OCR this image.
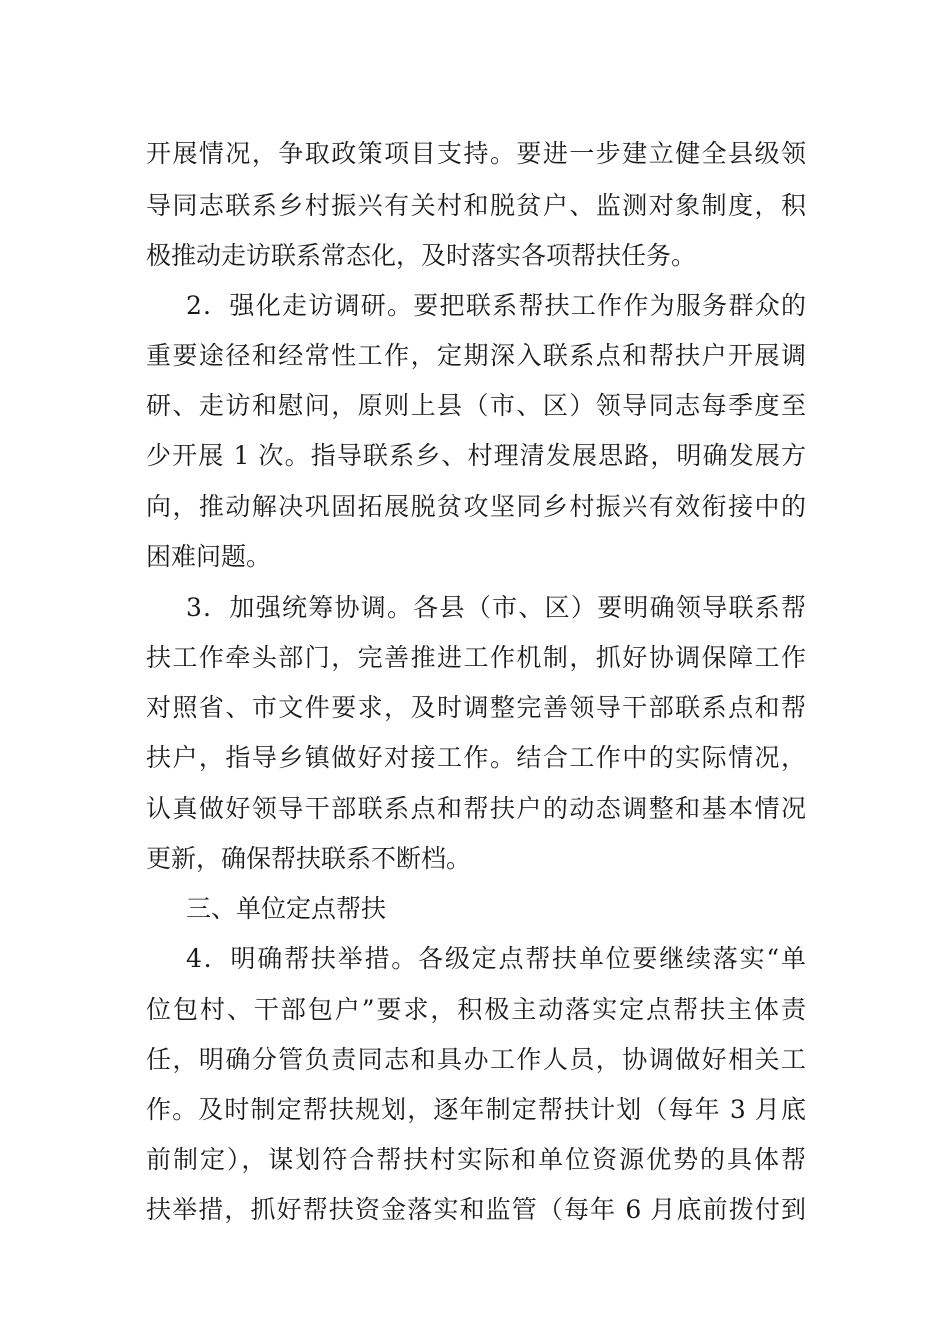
开展情况，争取政策项目支持。要进一步建立健全县级领
导同志联系乡村振兴有关村和脱贫户、监测对象制度，积
极推动走访联系常态化，及时落实各项帮扶任务。
2．强化走访调研。要把联系帮扶工作作为服务群众的
重要途径和经常性工作，定期深入联系点和帮扶户开展调
研、走访和慰问，原则上县（市、区）领导同志每季度至
少开展 1 次。指导联系乡、村理清发展思路，明确发展方
向，推动解决巩固拓展脱贫攻坚同乡村振兴有效衔接中的
困难问题。
3．加强统筹协调。各县（市、区）要明确领导联系帮
扶工作牵头部门，完善推进工作机制，抓好协调保障工作
对照省、市文件要求，及时调整完善领导干部联系点和帮
扶户，指导乡镇做好对接工作。结合工作中的实际情况，
认真做好领导干部联系点和帮扶户的动态调整和基本情况
更新，确保帮扶联系不断档。
三、单位定点帮扶
4．明确帮扶举措。各级定点帮扶单位要继续落实“单
位包村、干部包户”要求，积极主动落实定点帮扶主体责
任，明确分管负责同志和具办工作人员，协调做好相关工
作。及时制定帮扶规划，逐年制定帮扶计划（每年 3 月底
前制定），谋划符合帮扶村实际和单位资源优势的具体帮
扶举措，抓好帮扶资金落实和监管（每年 6 月底前拨付到
